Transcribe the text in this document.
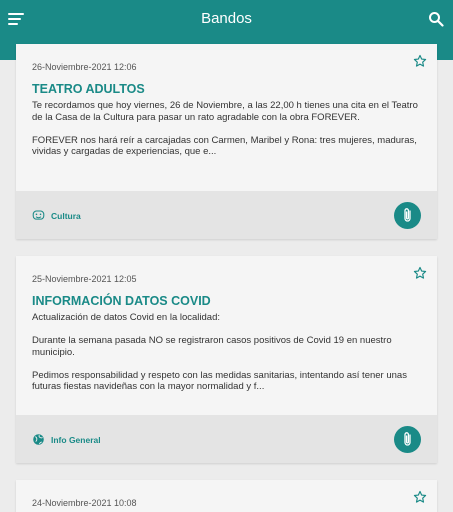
Bandos
26-Noviembre-2021 12:06
TEATRO ADULTOS

Te recordamos que hoy viernes, 26 de Noviembre, a las 22,00 h tienes una cita en el Teatro de la Casa de la Cultura para pasar un rato agradable con la obra FOREVER.

FOREVER nos hará reír a carcajadas con Carmen, Maribel y Rona: tres mujeres, maduras, vividas y cargadas de experiencias, que e...

Cultura
25-Noviembre-2021 12:05
INFORMACIÓN DATOS COVID

Actualización de datos Covid en la localidad:

Durante la semana pasada NO se registraron casos positivos de Covid 19 en nuestro municipio.

Pedimos responsabilidad y respeto con las medidas sanitarias, intentando así tener unas futuras fiestas navideñas con la mayor normalidad y f...

Info General
24-Noviembre-2021 10:08
